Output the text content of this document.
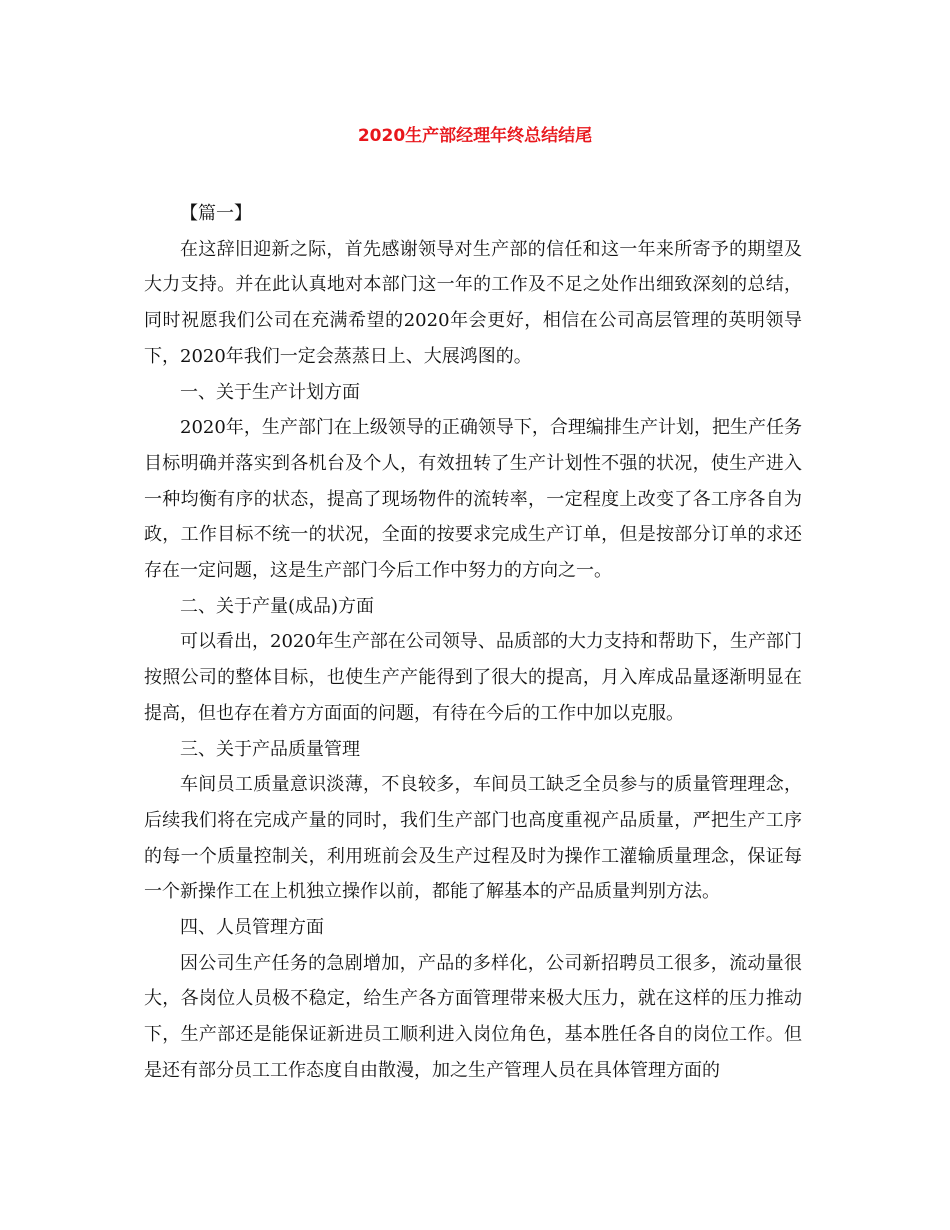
2020生产部经理年终总结结尾

【篇一】

在这辞旧迎新之际，首先感谢领导对生产部的信任和这一年来所寄予的期望及大力支持。并在此认真地对本部门这一年的工作及不足之处作出细致深刻的总结，同时祝愿我们公司在充满希望的2020年会更好，相信在公司高层管理的英明领导下，2020年我们一定会蒸蒸日上、大展鸿图的。

一、关于生产计划方面

2020年，生产部门在上级领导的正确领导下，合理编排生产计划，把生产任务目标明确并落实到各机台及个人，有效扭转了生产计划性不强的状况，使生产进入一种均衡有序的状态，提高了现场物件的流转率，一定程度上改变了各工序各自为政，工作目标不统一的状况，全面的按要求完成生产订单，但是按部分订单的求还存在一定问题，这是生产部门今后工作中努力的方向之一。

二、关于产量(成品)方面

可以看出，2020年生产部在公司领导、品质部的大力支持和帮助下，生产部门按照公司的整体目标，也使生产产能得到了很大的提高，月入库成品量逐渐明显在提高，但也存在着方方面面的问题，有待在今后的工作中加以克服。

三、关于产品质量管理

车间员工质量意识淡薄，不良较多，车间员工缺乏全员参与的质量管理理念，后续我们将在完成产量的同时，我们生产部门也高度重视产品质量，严把生产工序的每一个质量控制关，利用班前会及生产过程及时为操作工灌输质量理念，保证每一个新操作工在上机独立操作以前，都能了解基本的产品质量判别方法。

四、人员管理方面

因公司生产任务的急剧增加，产品的多样化，公司新招聘员工很多，流动量很大，各岗位人员极不稳定，给生产各方面管理带来极大压力，就在这样的压力推动下，生产部还是能保证新进员工顺利进入岗位角色，基本胜任各自的岗位工作。但是还有部分员工工作态度自由散漫，加之生产管理人员在具体管理方面的
